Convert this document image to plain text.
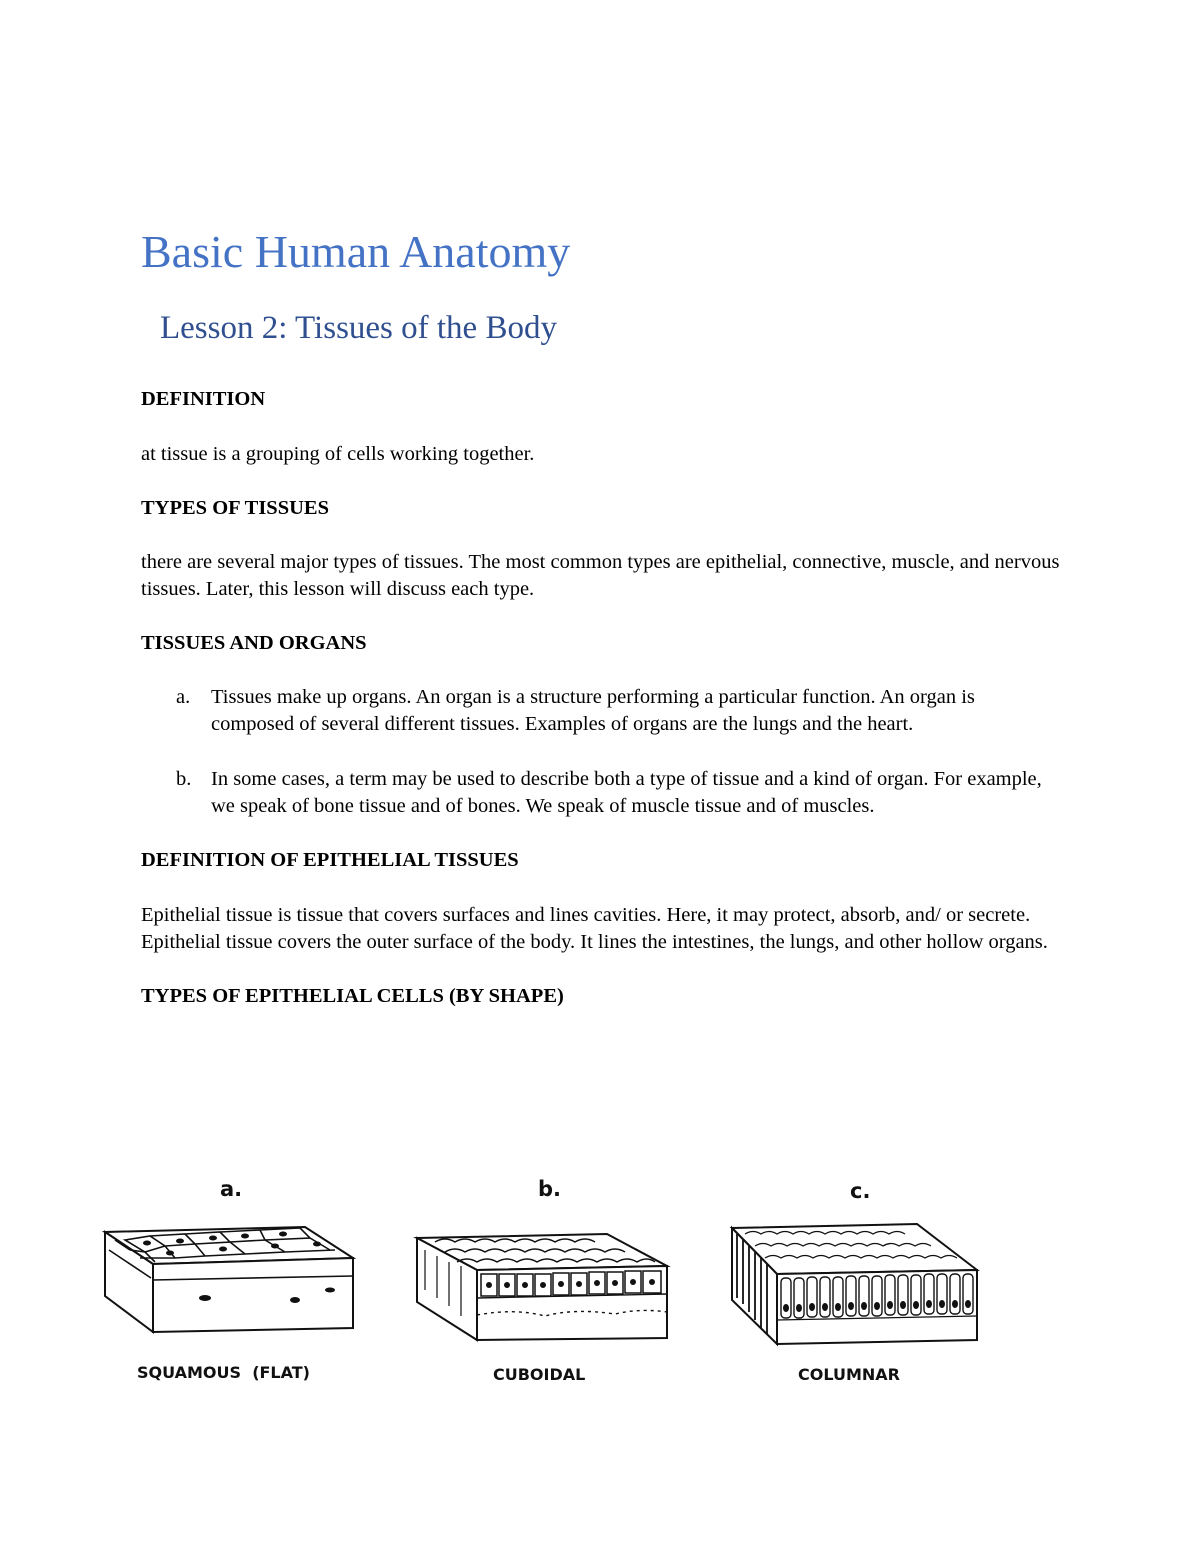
Basic Human Anatomy
Lesson 2: Tissues of the Body

DEFINITION

at tissue is a grouping of cells working together.

TYPES OF TISSUES

there are several major types of tissues. The most common types are epithelial, connective, muscle, and nervous tissues. Later, this lesson will discuss each type.

TISSUES AND ORGANS

a. Tissues make up organs. An organ is a structure performing a particular function. An organ is composed of several different tissues. Examples of organs are the lungs and the heart.
b. In some cases, a term may be used to describe both a type of tissue and a kind of organ. For example, we speak of bone tissue and of bones. We speak of muscle tissue and of muscles.

DEFINITION OF EPITHELIAL TISSUES

Epithelial tissue is tissue that covers surfaces and lines cavities. Here, it may protect, absorb, and/ or secrete. Epithelial tissue covers the outer surface of the body. It lines the intestines, the lungs, and other hollow organs.

TYPES OF EPITHELIAL CELLS (BY SHAPE)

a.
SQUAMOUS  (FLAT)
b.
CUBOIDAL
c.
COLUMNAR
